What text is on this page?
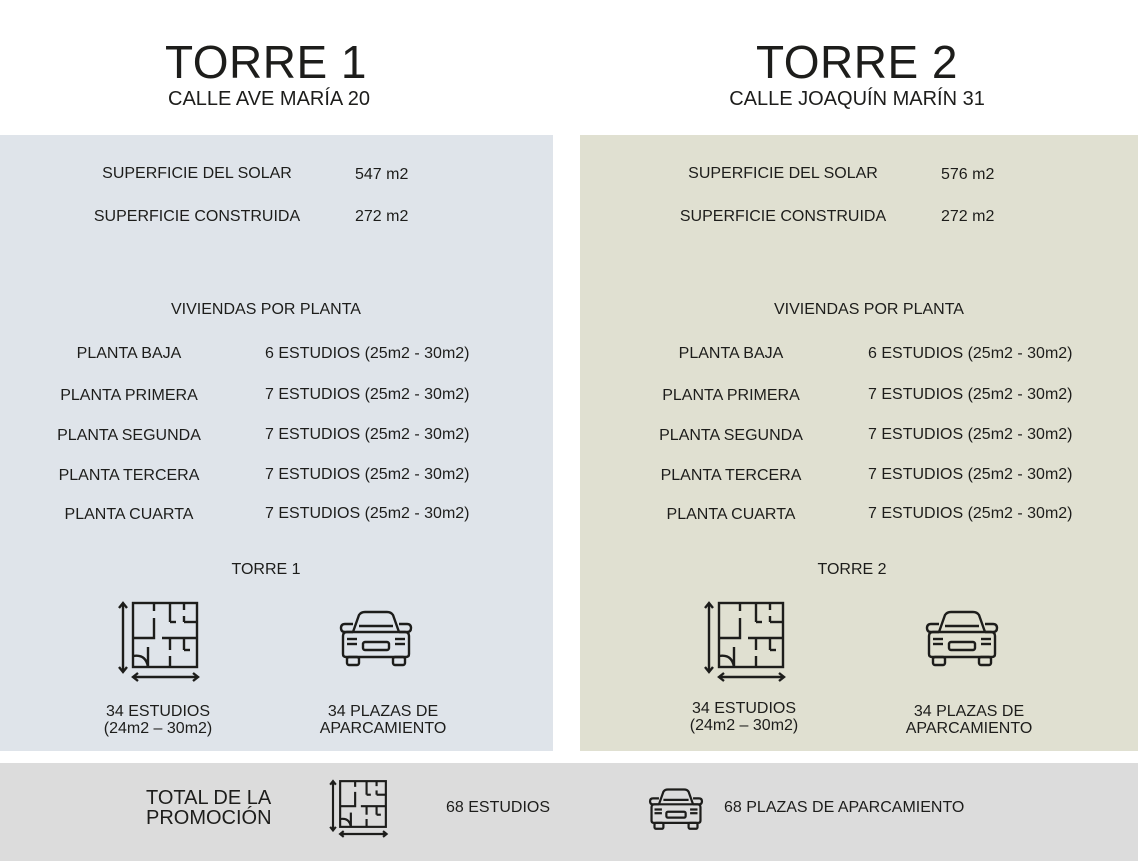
TORRE 1
CALLE AVE MARÍA 20
TORRE 2
CALLE JOAQUÍN MARÍN 31
SUPERFICIE DEL SOLAR	547 m2
SUPERFICIE CONSTRUIDA	272 m2
VIVIENDAS POR PLANTA
PLANTA BAJA	6 ESTUDIOS (25m2 - 30m2)
PLANTA PRIMERA	7 ESTUDIOS (25m2 - 30m2)
PLANTA SEGUNDA	7 ESTUDIOS (25m2 - 30m2)
PLANTA TERCERA	7 ESTUDIOS (25m2 - 30m2)
PLANTA CUARTA	7 ESTUDIOS (25m2 - 30m2)
TORRE 1
34 ESTUDIOS
(24m2 – 30m2)
34 PLAZAS DE
APARCAMIENTO
SUPERFICIE DEL SOLAR	576 m2
SUPERFICIE CONSTRUIDA	272 m2
VIVIENDAS POR PLANTA
PLANTA BAJA	6 ESTUDIOS (25m2 - 30m2)
PLANTA PRIMERA	7 ESTUDIOS (25m2 - 30m2)
PLANTA SEGUNDA	7 ESTUDIOS (25m2 - 30m2)
PLANTA TERCERA	7 ESTUDIOS (25m2 - 30m2)
PLANTA CUARTA	7 ESTUDIOS (25m2 - 30m2)
TORRE 2
34 ESTUDIOS
(24m2 – 30m2)
34 PLAZAS DE
APARCAMIENTO
TOTAL DE LA
PROMOCIÓN	68 ESTUDIOS	68 PLAZAS DE APARCAMIENTO
